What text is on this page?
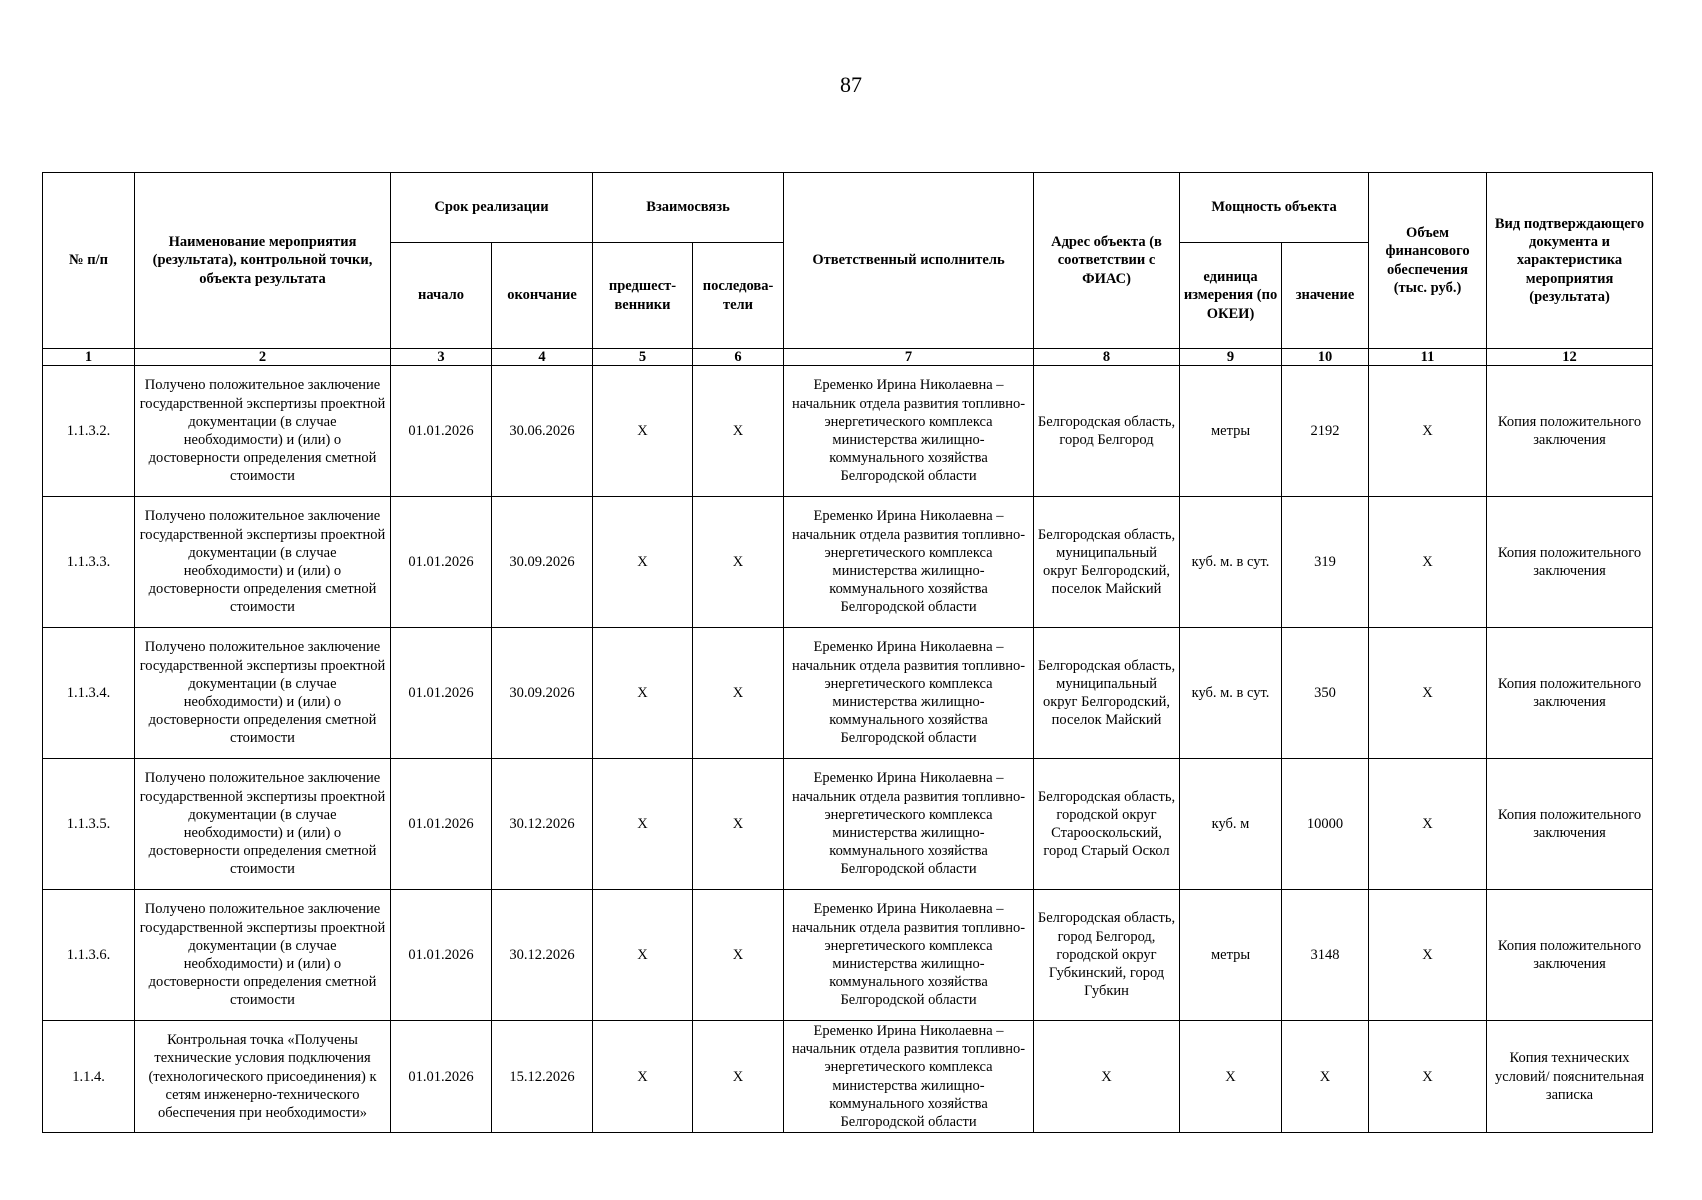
87
№ п/п	Наименование мероприятия (результата), контрольной точки, объекта результата	Срок реализации		Взаимосвязь		Ответственный исполнитель	Адрес объекта (в соответствии с ФИАС)	Мощность объекта		Объем финансового обеспечения (тыс. руб.)	Вид подтверждающего документа и характеристика мероприятия (результата)
		начало	окончание	предшест-венники	последова-тели			единица измерения (по ОКЕИ)	значение		
1	2	3	4	5	6	7	8	9	10	11	12
1.1.3.2.	Получено положительное заключение государственной экспертизы проектной документации (в случае необходимости) и (или) о достоверности определения сметной стоимости	01.01.2026	30.06.2026	X	X	Еременко Ирина Николаевна – начальник отдела развития топливно-энергетического комплекса министерства жилищно-коммунального хозяйства Белгородской области	Белгородская область, город Белгород	метры	2192	X	Копия положительного заключения
1.1.3.3.	Получено положительное заключение государственной экспертизы проектной документации (в случае необходимости) и (или) о достоверности определения сметной стоимости	01.01.2026	30.09.2026	X	X	Еременко Ирина Николаевна – начальник отдела развития топливно-энергетического комплекса министерства жилищно-коммунального хозяйства Белгородской области	Белгородская область, муниципальный округ Белгородский, поселок Майский	куб. м. в сут.	319	X	Копия положительного заключения
1.1.3.4.	Получено положительное заключение государственной экспертизы проектной документации (в случае необходимости) и (или) о достоверности определения сметной стоимости	01.01.2026	30.09.2026	X	X	Еременко Ирина Николаевна – начальник отдела развития топливно-энергетического комплекса министерства жилищно-коммунального хозяйства Белгородской области	Белгородская область, муниципальный округ Белгородский, поселок Майский	куб. м. в сут.	350	X	Копия положительного заключения
1.1.3.5.	Получено положительное заключение государственной экспертизы проектной документации (в случае необходимости) и (или) о достоверности определения сметной стоимости	01.01.2026	30.12.2026	X	X	Еременко Ирина Николаевна – начальник отдела развития топливно-энергетического комплекса министерства жилищно-коммунального хозяйства Белгородской области	Белгородская область, городской округ Старооскольский, город Старый Оскол	куб. м	10000	X	Копия положительного заключения
1.1.3.6.	Получено положительное заключение государственной экспертизы проектной документации (в случае необходимости) и (или) о достоверности определения сметной стоимости	01.01.2026	30.12.2026	X	X	Еременко Ирина Николаевна – начальник отдела развития топливно-энергетического комплекса министерства жилищно-коммунального хозяйства Белгородской области	Белгородская область, город Белгород, городской округ Губкинский, город Губкин	метры	3148	X	Копия положительного заключения
1.1.4.	Контрольная точка «Получены технические условия подключения (технологического присоединения) к сетям инженерно-технического обеспечения при необходимости»	01.01.2026	15.12.2026	X	X	Еременко Ирина Николаевна – начальник отдела развития топливно-энергетического комплекса министерства жилищно-коммунального хозяйства Белгородской области	X	X	X	X	Копия технических условий/ пояснительная записка
